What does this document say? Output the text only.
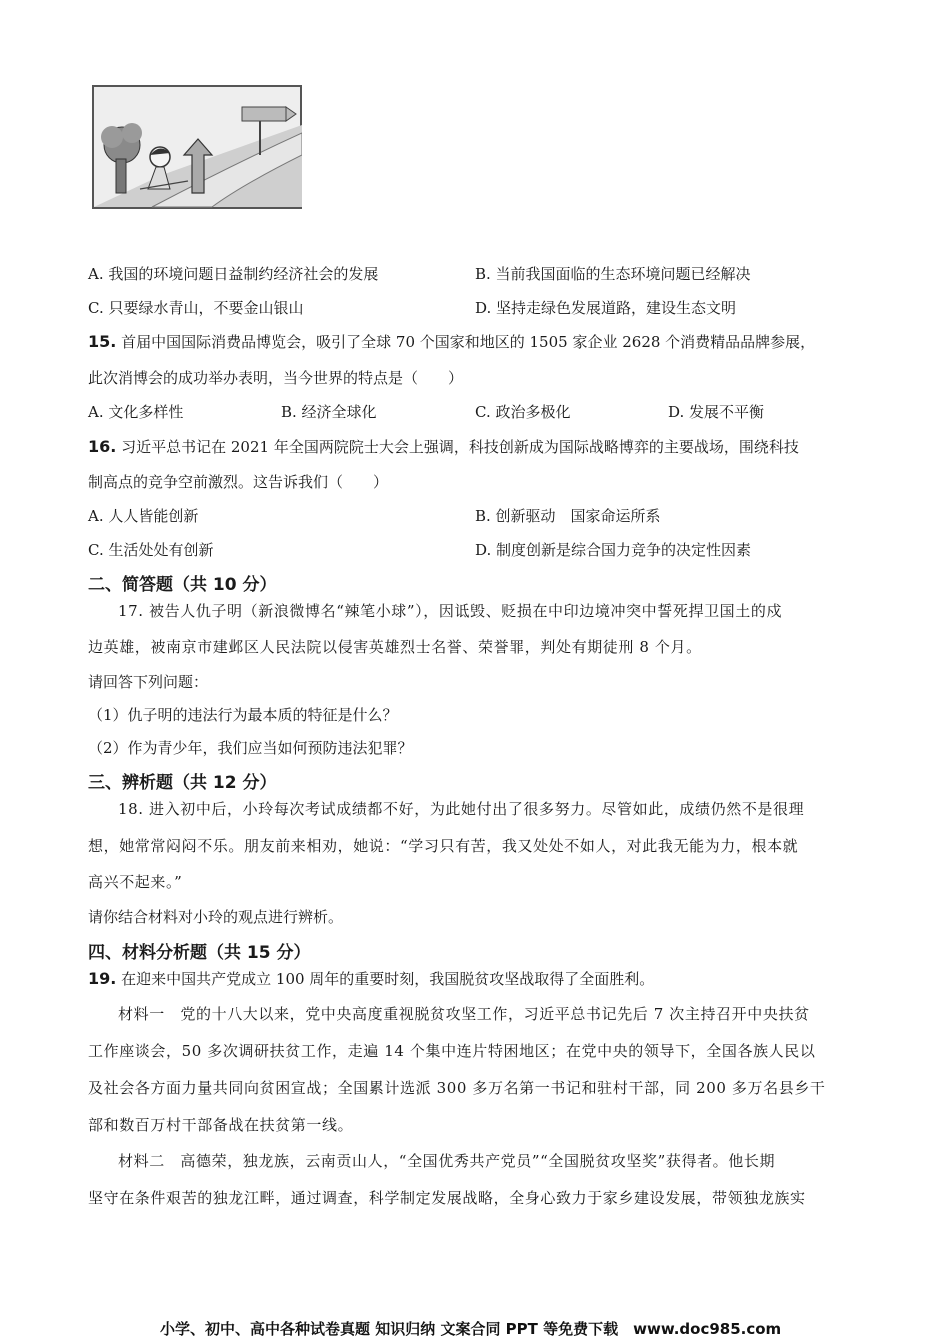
A. 我国的环境问题日益制约经济社会的发展	B. 当前我国面临的生态环境问题已经解决
C. 只要绿水青山，不要金山银山	D. 坚持走绿色发展道路，建设生态文明
15. 首届中国国际消费品博览会，吸引了全球 70 个国家和地区的 1505 家企业 2628 个消费精品品牌参展，
此次消博会的成功举办表明，当今世界的特点是（　　）
A. 文化多样性	B. 经济全球化	C. 政治多极化	D. 发展不平衡
16. 习近平总书记在 2021 年全国两院院士大会上强调，科技创新成为国际战略博弈的主要战场，围绕科技
制高点的竞争空前激烈。这告诉我们（　　）
A. 人人皆能创新	B. 创新驱动　国家命运所系
C. 生活处处有创新	D. 制度创新是综合国力竞争的决定性因素
二、简答题（共 10 分）
17. 被告人仇子明（新浪微博名“辣笔小球”），因诋毁、贬损在中印边境冲突中誓死捍卫国土的戍
边英雄，被南京市建邺区人民法院以侵害英雄烈士名誉、荣誉罪，判处有期徒刑 8 个月。
请回答下列问题：
（1）仇子明的违法行为最本质的特征是什么？
（2）作为青少年，我们应当如何预防违法犯罪？
三、辨析题（共 12 分）
18. 进入初中后，小玲每次考试成绩都不好，为此她付出了很多努力。尽管如此，成绩仍然不是很理
想，她常常闷闷不乐。朋友前来相劝，她说：“学习只有苦，我又处处不如人，对此我无能为力，根本就
高兴不起来。”
请你结合材料对小玲的观点进行辨析。
四、材料分析题（共 15 分）
19. 在迎来中国共产党成立 100 周年的重要时刻，我国脱贫攻坚战取得了全面胜利。
材料一　党的十八大以来，党中央高度重视脱贫攻坚工作，习近平总书记先后 7 次主持召开中央扶贫
工作座谈会，50 多次调研扶贫工作，走遍 14 个集中连片特困地区；在党中央的领导下，全国各族人民以
及社会各方面力量共同向贫困宣战；全国累计选派 300 多万名第一书记和驻村干部，同 200 多万名县乡干
部和数百万村干部备战在扶贫第一线。
材料二　高德荣，独龙族，云南贡山人，“全国优秀共产党员”“全国脱贫攻坚奖”获得者。他长期
坚守在条件艰苦的独龙江畔，通过调查，科学制定发展战略，全身心致力于家乡建设发展，带领独龙族实
小学、初中、高中各种试卷真题 知识归纳 文案合同 PPT 等免费下载　www.doc985.com
